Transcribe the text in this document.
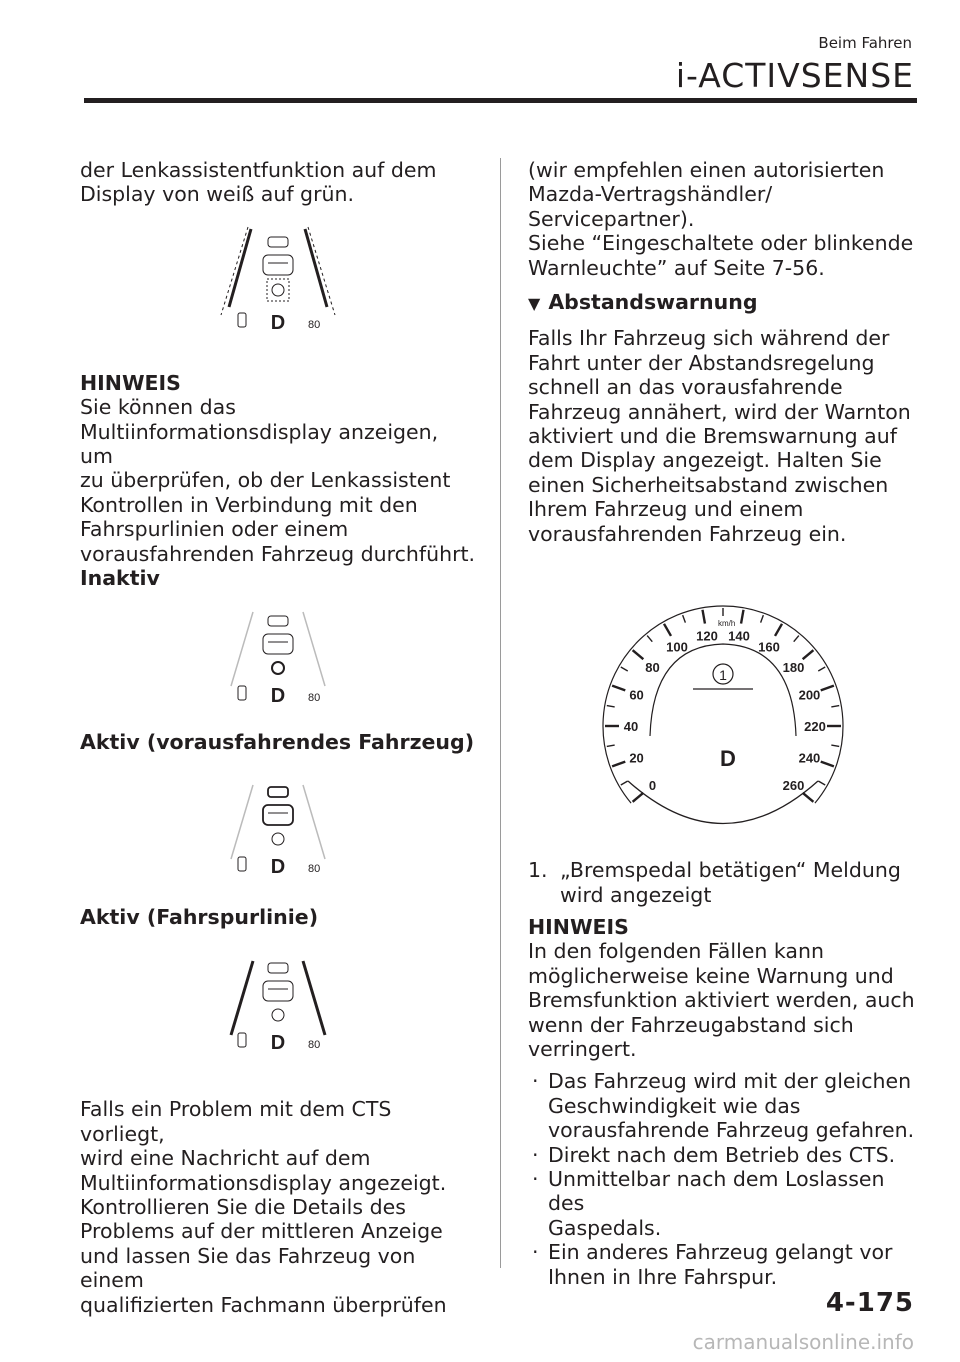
Beim Fahren
i-ACTIVSENSE

der Lenkassistentfunktion auf dem

Display von weiß auf grün.

D 80

HINWEIS

Sie können das

Multiinformationsdisplay anzeigen, um

zu überprüfen, ob der Lenkassistent

Kontrollen in Verbindung mit den

Fahrspurlinien oder einem

vorausfahrenden Fahrzeug durchführt.

Inaktiv

D 80

Aktiv (vorausfahrendes Fahrzeug)

D 80

Aktiv (Fahrspurlinie)

D 80

Falls ein Problem mit dem CTS vorliegt,

wird eine Nachricht auf dem

Multiinformationsdisplay angezeigt.

Kontrollieren Sie die Details des

Problems auf der mittleren Anzeige

und lassen Sie das Fahrzeug von einem

qualifizierten Fachmann überprüfen

(wir empfehlen einen autorisierten

Mazda-Vertragshändler/

Servicepartner).

Siehe “Eingeschaltete oder blinkende

Warnleuchte” auf Seite 7-56.

▼ Abstandswarnung

Falls Ihr Fahrzeug sich während der

Fahrt unter der Abstandsregelung

schnell an das vorausfahrende

Fahrzeug annähert, wird der Warnton

aktiviert und die Bremswarnung auf

dem Display angezeigt. Halten Sie

einen Sicherheitsabstand zwischen

Ihrem Fahrzeug und einem

vorausfahrenden Fahrzeug ein.

0
20
40
60
80
100
120 140
160
180
200
220
240
260
km/h
1
D
1. „Bremspedal betätigen“ Meldung

wird angezeigt

HINWEIS

In den folgenden Fällen kann

möglicherweise keine Warnung und

Bremsfunktion aktiviert werden, auch

wenn der Fahrzeugabstand sich

verringert.

· Das Fahrzeug wird mit der gleichen

Geschwindigkeit wie das

vorausfahrende Fahrzeug gefahren.

· Direkt nach dem Betrieb des CTS.

· Unmittelbar nach dem Loslassen des

Gaspedals.

· Ein anderes Fahrzeug gelangt vor

Ihnen in Ihre Fahrspur.

4-175
carmanualsonline.info
